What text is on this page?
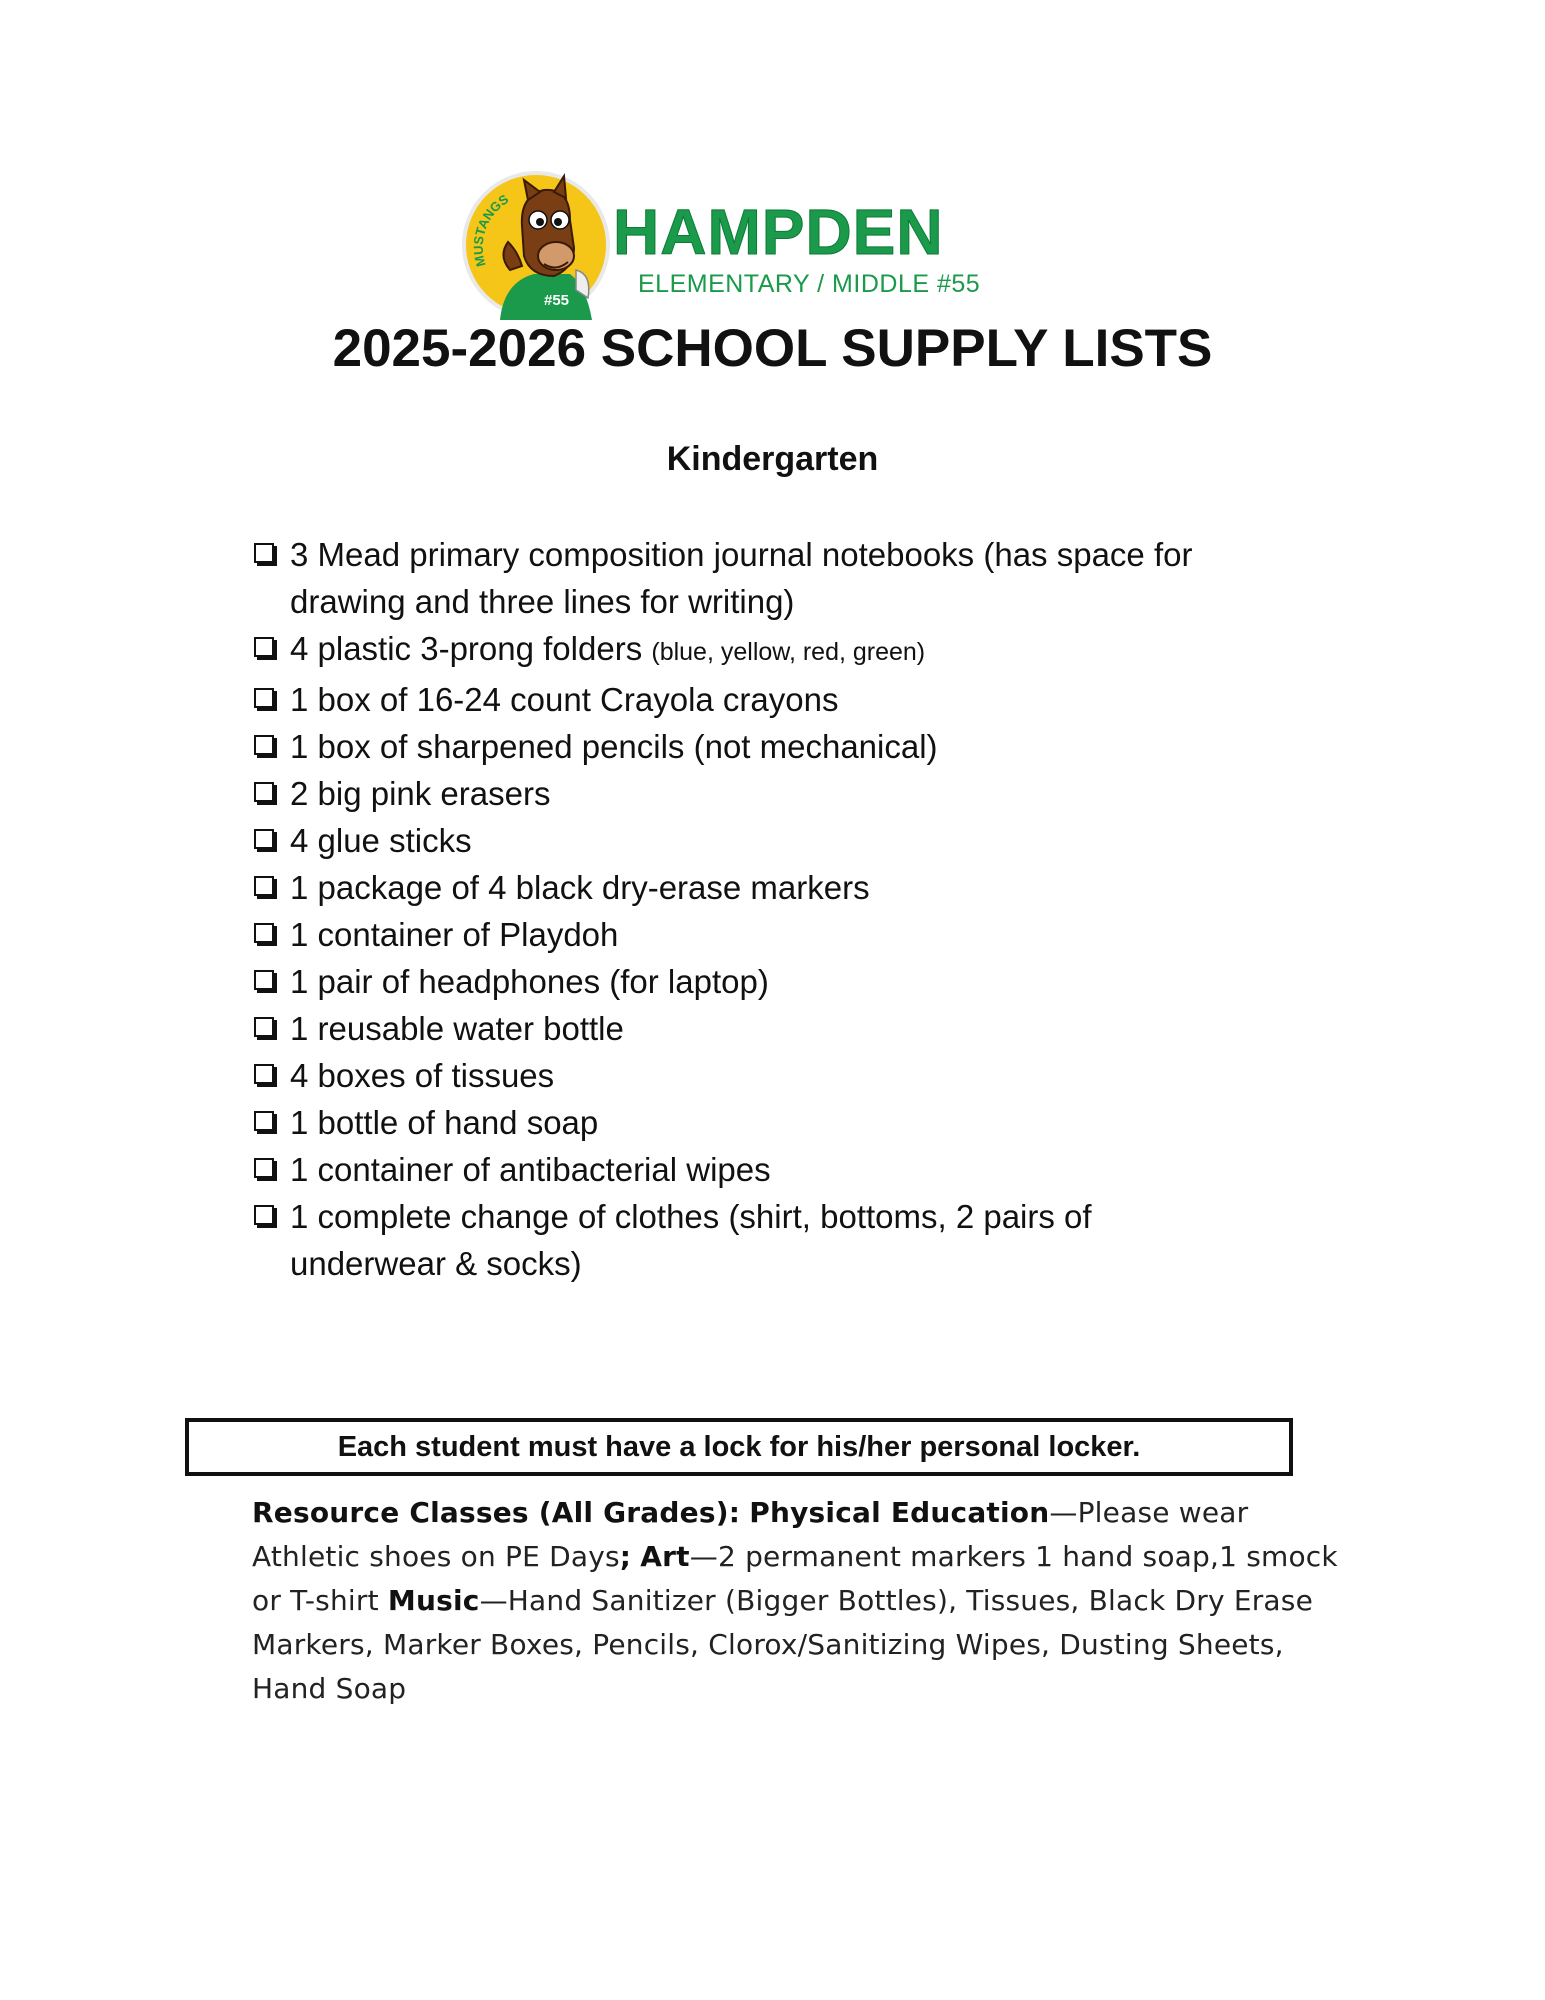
MUSTANGS
#55
HAMPDEN
ELEMENTARY / MIDDLE #55
2025-2026 SCHOOL SUPPLY LISTS
Kindergarten
3 Mead primary composition journal notebooks (has space for
drawing and three lines for writing)
4 plastic 3-prong folders (blue, yellow, red, green)
1 box of 16-24 count Crayola crayons
1 box of sharpened pencils (not mechanical)
2 big pink erasers
4 glue sticks
1 package of 4 black dry-erase markers
1 container of Playdoh
1 pair of headphones (for laptop)
1 reusable water bottle
4 boxes of tissues
1 bottle of hand soap
1 container of antibacterial wipes
1 complete change of clothes (shirt, bottoms, 2 pairs of
underwear & socks)
Each student must have a lock for his/her personal locker.
Resource Classes (All Grades): Physical Education—Please wear Athletic shoes on PE Days; Art—2 permanent markers 1 hand soap,1 smock or T-shirt Music—Hand Sanitizer (Bigger Bottles), Tissues, Black Dry Erase Markers, Marker Boxes, Pencils, Clorox/Sanitizing Wipes, Dusting Sheets, Hand Soap
